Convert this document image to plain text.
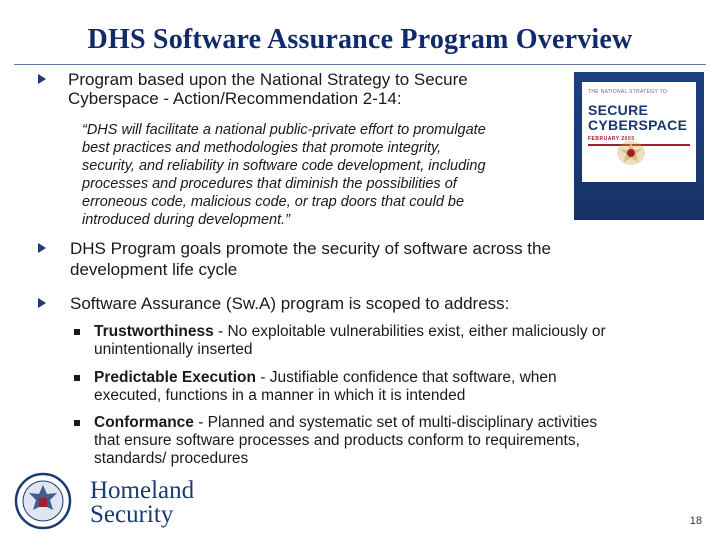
DHS Software Assurance Program Overview
Program based upon the National Strategy to Secure
Cyberspace - Action/Recommendation 2-14:
“DHS will facilitate a national public-private effort to promulgate
best practices and methodologies that promote integrity,
security, and reliability in software code development, including
processes and procedures that diminish the possibilities of
erroneous code, malicious code, or trap doors that could be
introduced during development.”
THE NATIONAL STRATEGY TO
SECURE
CYBERSPACE
FEBRUARY 2003
DHS Program goals promote the security of software across the
development life cycle
Software Assurance (Sw.A) program is scoped to address:
Trustworthiness - No exploitable vulnerabilities exist, either maliciously or
unintentionally inserted
Predictable Execution - Justifiable confidence that software, when
executed, functions in a manner in which it is intended
Conformance - Planned and systematic set of multi-disciplinary activities
that ensure software processes and products conform to requirements,
standards/ procedures
Homeland
Security	18
